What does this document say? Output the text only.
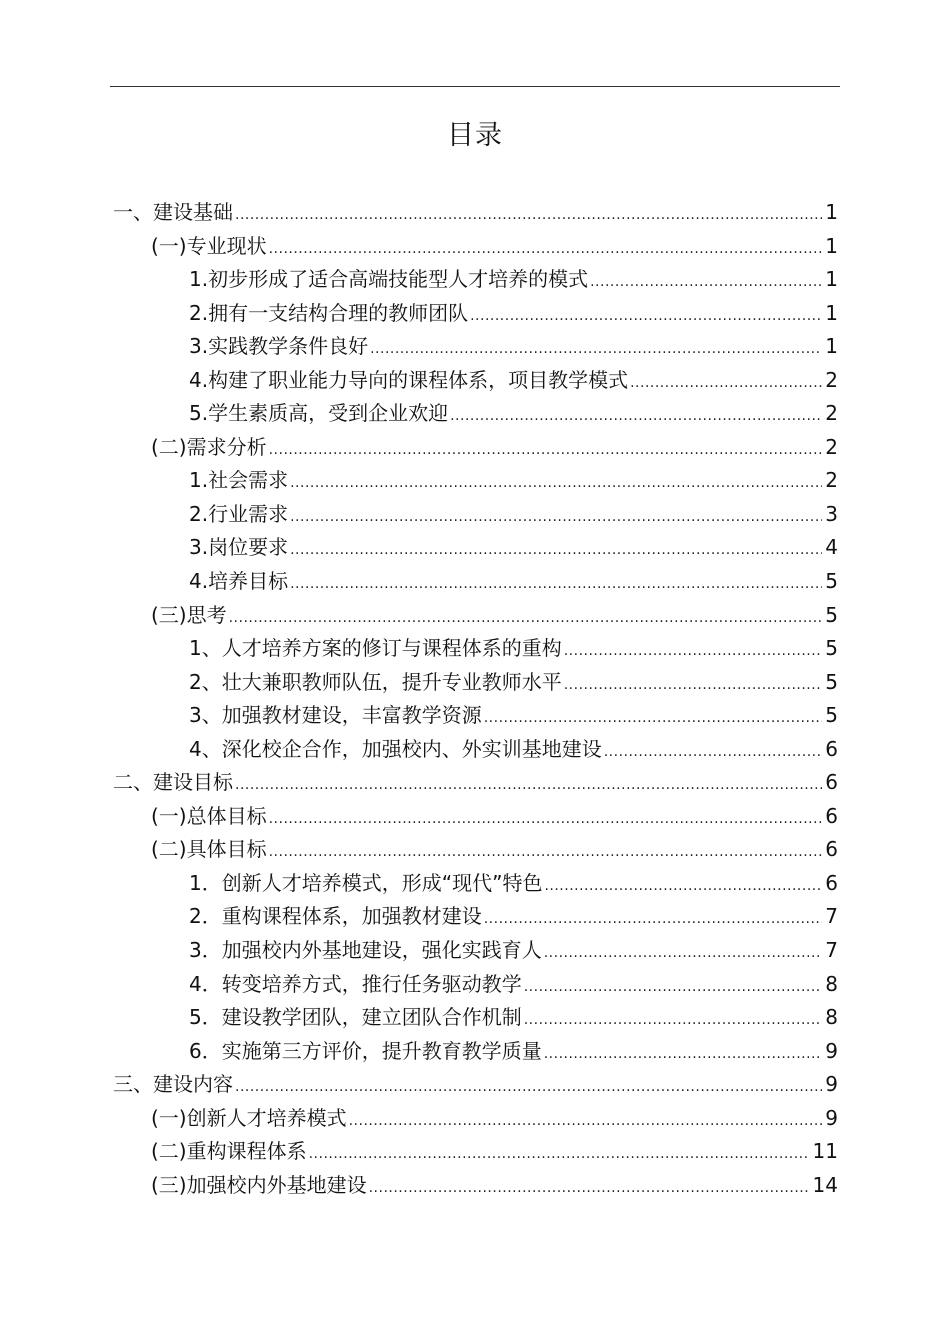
目录
一、建设基础 .....	1
(一)专业现状 .....	1
1.初步形成了适合高端技能型人才培养的模式 .....	1
2.拥有一支结构合理的教师团队 .....	1
3.实践教学条件良好 .....	1
4.构建了职业能力导向的课程体系，项目教学模式 .....	2
5.学生素质高，受到企业欢迎 .....	2
(二)需求分析 .....	2
1.社会需求 .....	2
2.行业需求 .....	3
3.岗位要求 .....	4
4.培养目标 .....	5
(三)思考 .....	5
1、人才培养方案的修订与课程体系的重构 .....	5
2、壮大兼职教师队伍，提升专业教师水平 .....	5
3、加强教材建设，丰富教学资源 .....	5
4、深化校企合作，加强校内、外实训基地建设 .....	6
二、建设目标 .....	6
(一)总体目标 .....	6
(二)具体目标 .....	6
1．创新人才培养模式，形成“现代”特色 .....	6
2．重构课程体系，加强教材建设 .....	7
3．加强校内外基地建设，强化实践育人 .....	7
4．转变培养方式，推行任务驱动教学 .....	8
5．建设教学团队，建立团队合作机制 .....	8
6．实施第三方评价，提升教育教学质量 .....	9
三、建设内容 .....	9
(一)创新人才培养模式 .....	9
(二)重构课程体系 .....	11
(三)加强校内外基地建设 .....	14
